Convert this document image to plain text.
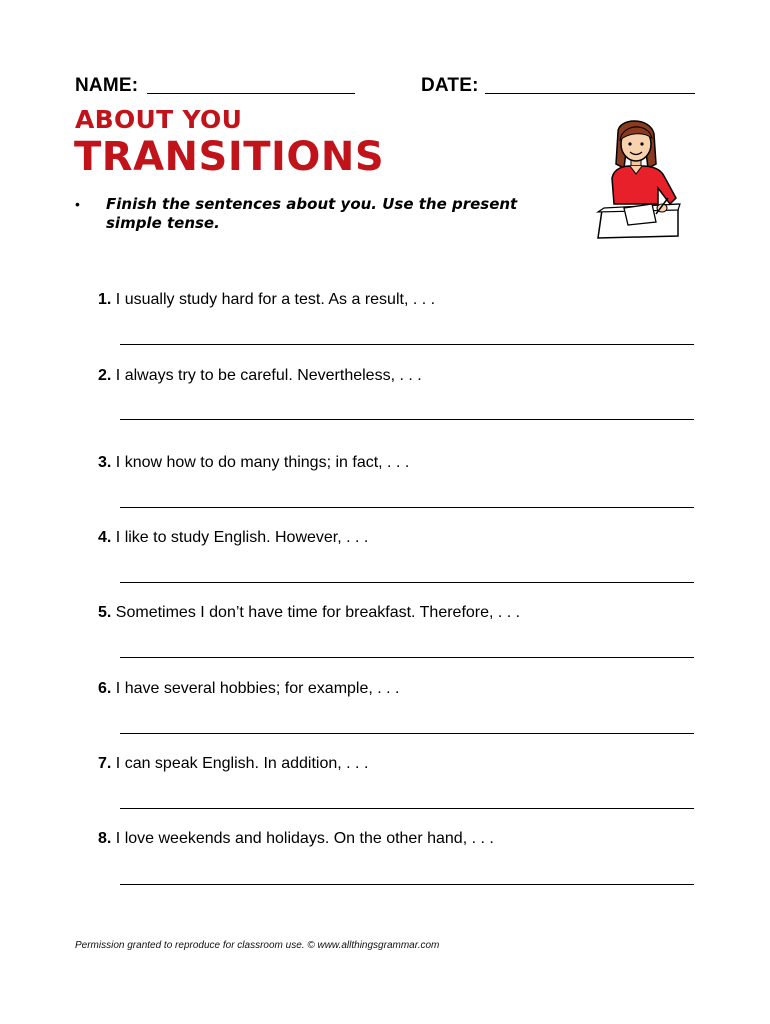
NAME:	DATE:
ABOUT YOU
TRANSITIONS
• Finish the sentences about you. Use the present simple tense.
1. I usually study hard for a test. As a result, . . .
2. I always try to be careful. Nevertheless, . . .
3. I know how to do many things; in fact, . . .
4. I like to study English. However, . . .
5. Sometimes I don’t have time for breakfast. Therefore, . . .
6. I have several hobbies; for example, . . .
7. I can speak English. In addition, . . .
8. I love weekends and holidays. On the other hand, . . .
Permission granted to reproduce for classroom use. © www.allthingsgrammar.com
